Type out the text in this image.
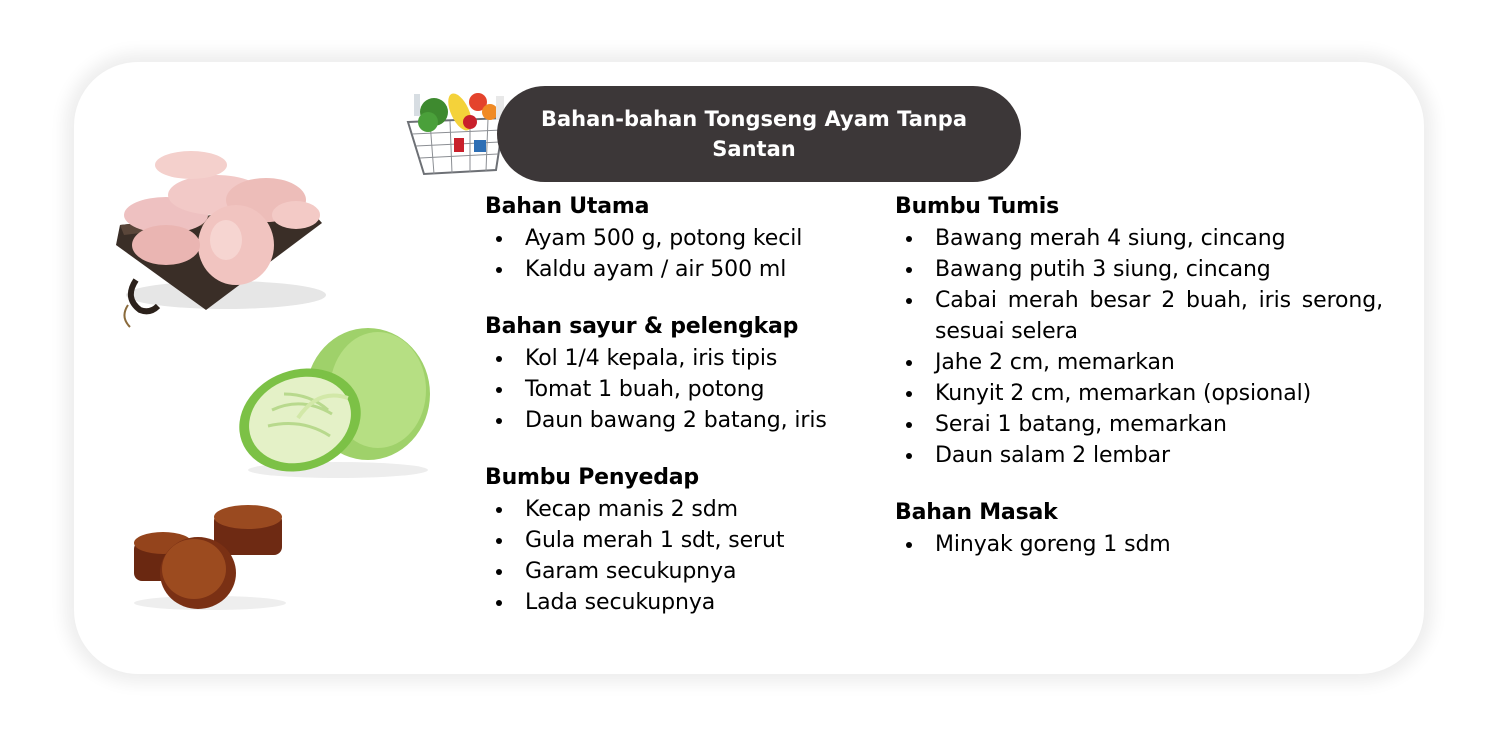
Bahan-bahan Tongseng Ayam Tanpa Santan
Bahan Utama
Ayam 500 g, potong kecil
Kaldu ayam / air 500 ml
Bahan sayur & pelengkap
Kol 1/4 kepala, iris tipis
Tomat 1 buah, potong
Daun bawang 2 batang, iris
Bumbu Penyedap
Kecap manis 2 sdm
Gula merah 1 sdt, serut
Garam secukupnya
Lada secukupnya
Bumbu Tumis
Bawang merah 4 siung, cincang
Bawang putih 3 siung, cincang
Cabai merah besar 2 buah, iris serong, sesuai selera
Jahe 2 cm, memarkan
Kunyit 2 cm, memarkan (opsional)
Serai 1 batang, memarkan
Daun salam 2 lembar
Bahan Masak
Minyak goreng 1 sdm
